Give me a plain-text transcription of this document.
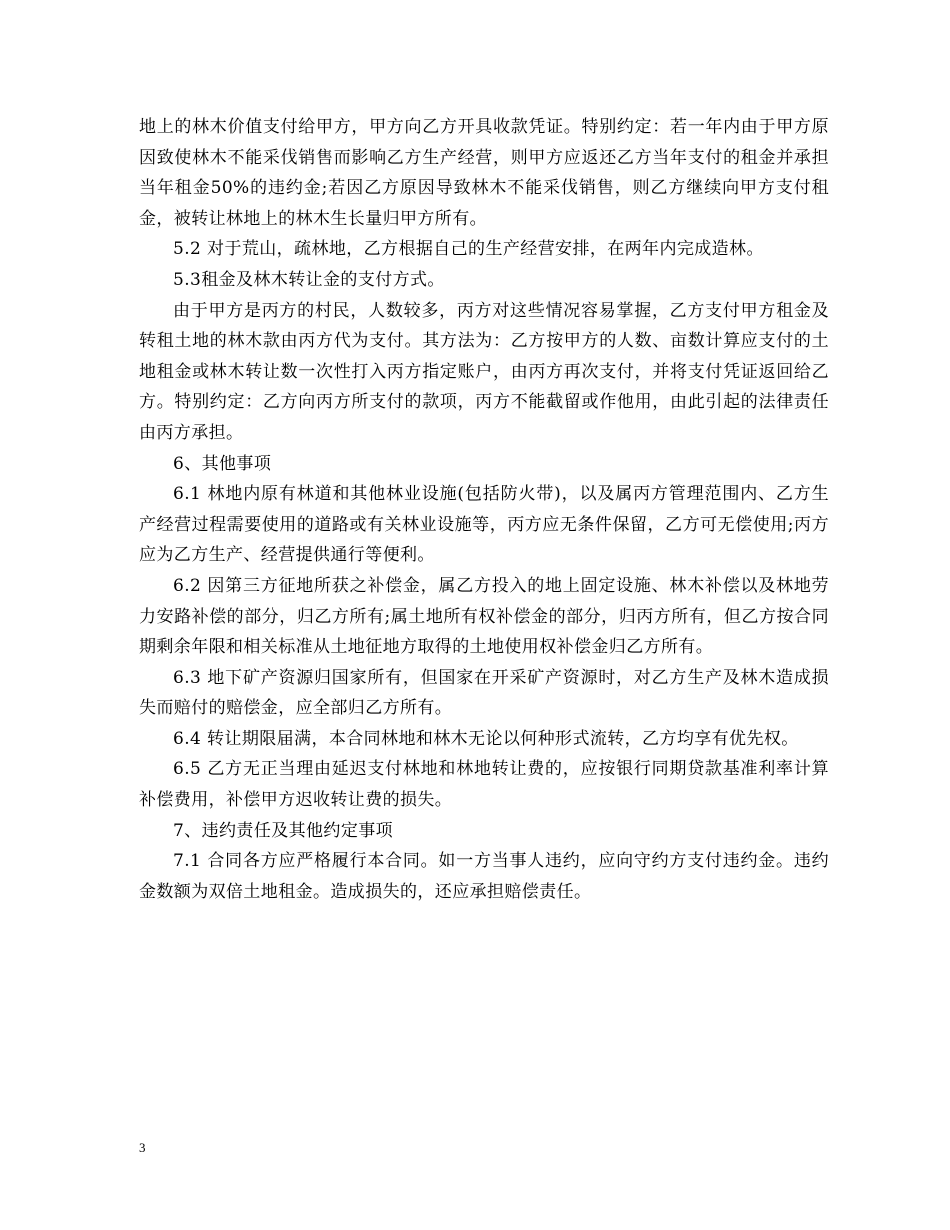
地上的林木价值支付给甲方，甲方向乙方开具收款凭证。特别约定：若一年内由于甲方原因致使林木不能采伐销售而影响乙方生产经营，则甲方应返还乙方当年支付的租金并承担 当年租金50%的违约金;若因乙方原因导致林木不能采伐销售，则乙方继续向甲方支付租金，被转让林地上的林木生长量归甲方所有。

5.2 对于荒山，疏林地，乙方根据自己的生产经营安排，在两年内完成造林。

5.3租金及林木转让金的支付方式。

由于甲方是丙方的村民，人数较多，丙方对这些情况容易掌握，乙方支付甲方租金及转租土地的林木款由丙方代为支付。其方法为：乙方按甲方的人数、亩数计算应支付的土地租金或林木转让数一次性打入丙方指定账户，由丙方再次支付，并将支付凭证返回给乙方。特别约定：乙方向丙方所支付的款项，丙方不能截留或作他用，由此引起的法律责任由丙方承担。

6、其他事项

6.1 林地内原有林道和其他林业设施(包括防火带)，以及属丙方管理范围内、乙方生产经营过程需要使用的道路或有关林业设施等，丙方应无条件保留，乙方可无偿使用;丙方应为乙方生产、经营提供通行等便利。

6.2 因第三方征地所获之补偿金，属乙方投入的地上固定设施、林木补偿以及林地劳力安路补偿的部分，归乙方所有;属土地所有权补偿金的部分，归丙方所有，但乙方按合同期剩余年限和相关标准从土地征地方取得的土地使用权补偿金归乙方所有。

6.3 地下矿产资源归国家所有，但国家在开采矿产资源时，对乙方生产及林木造成损失而赔付的赔偿金，应全部归乙方所有。

6.4 转让期限届满，本合同林地和林木无论以何种形式流转，乙方均享有优先权。

6.5 乙方无正当理由延迟支付林地和林地转让费的，应按银行同期贷款基准利率计算补偿费用，补偿甲方迟收转让费的损失。

7、违约责任及其他约定事项

7.1 合同各方应严格履行本合同。如一方当事人违约，应向守约方支付违约金。违约金数额为双倍土地租金。造成损失的，还应承担赔偿责任。

3
